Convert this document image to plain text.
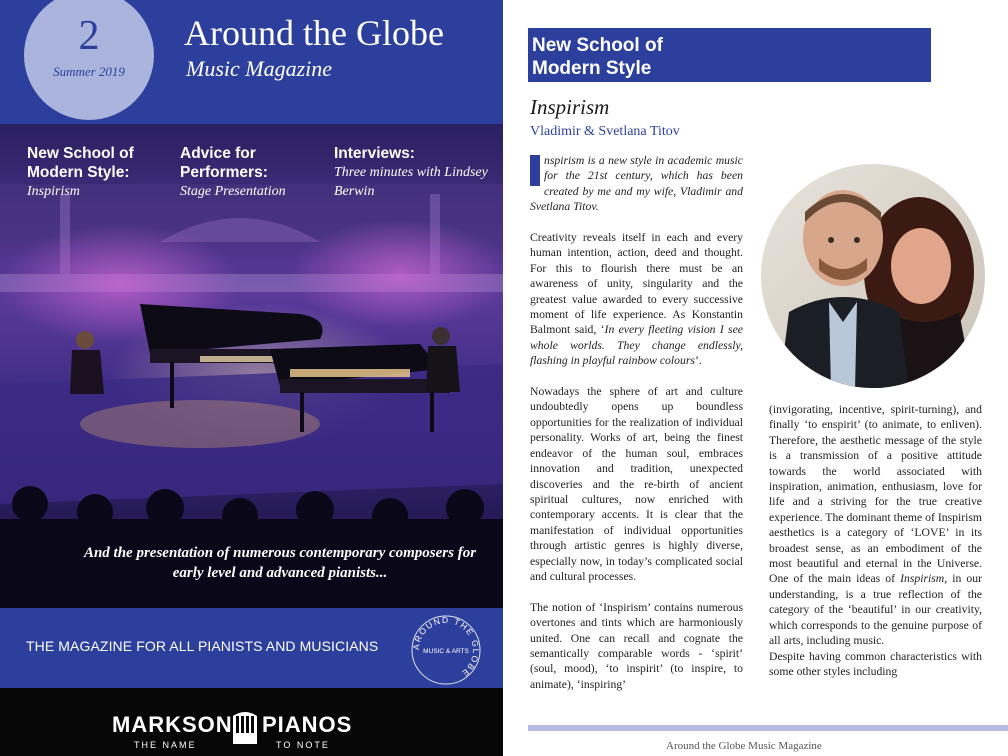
2
Summer 2019
Around the Globe
Music Magazine
New School of Modern Style:
Inspirism
Advice for Performers:
Stage Presentation
Interviews:
Three minutes with Lindsey Berwin
And the presentation of numerous contemporary composers for early level and advanced pianists...
THE MAGAZINE FOR ALL PIANISTS AND MUSICIANS	AROUND THE GLOBE
MUSIC & ARTS
MARKSON PIANOS
THE NAME	TO NOTE
New School of Modern Style
Inspirism
Vladimir & Svetlana Titov

nspirism is a new style in academic music for the 21st century, which has been created by me and my wife, Vladimir and Svetlana Titov.

Creativity reveals itself in each and every human intention, action, deed and thought. For this to flourish there must be an awareness of unity, singularity and the greatest value awarded to every successive moment of life experience. As Konstantin Balmont said, ‘In every fleeting vision I see whole worlds. They change endlessly, flashing in playful rainbow colours’.

Nowadays the sphere of art and culture undoubtedly opens up boundless opportunities for the realization of individual personality. Works of art, being the finest endeavor of the human soul, embraces innovation and tradition, unexpected discoveries and the re-birth of ancient spiritual cultures, now enriched with contemporary accents. It is clear that the manifestation of individual opportunities through artistic genres is highly diverse, especially now, in today’s complicated social and cultural processes.

The notion of ‘Inspirism’ contains numerous overtones and tints which are harmoniously united. One can recall and cognate the semantically comparable words - ‘spirit’ (soul, mood), ‘to inspirit’ (to inspire, to animate), ‘inspiring’

(invigorating, incentive, spirit-turning), and finally ‘to enspirit’ (to animate, to enliven). Therefore, the aesthetic message of the style is a transmission of a positive attitude towards the world associated with inspiration, animation, enthusiasm, love for life and a striving for the true creative experience. The dominant theme of Inspirism aesthetics is a category of ‘LOVE’ in its broadest sense, as an embodiment of the most beautiful and eternal in the Universe. One of the main ideas of Inspirism, in our understanding, is a true reflection of the category of the ‘beautiful’ in our creativity, which corresponds to the genuine purpose of all arts, including music.
Despite having common characteristics with some other styles including
Around the Globe Music Magazine
